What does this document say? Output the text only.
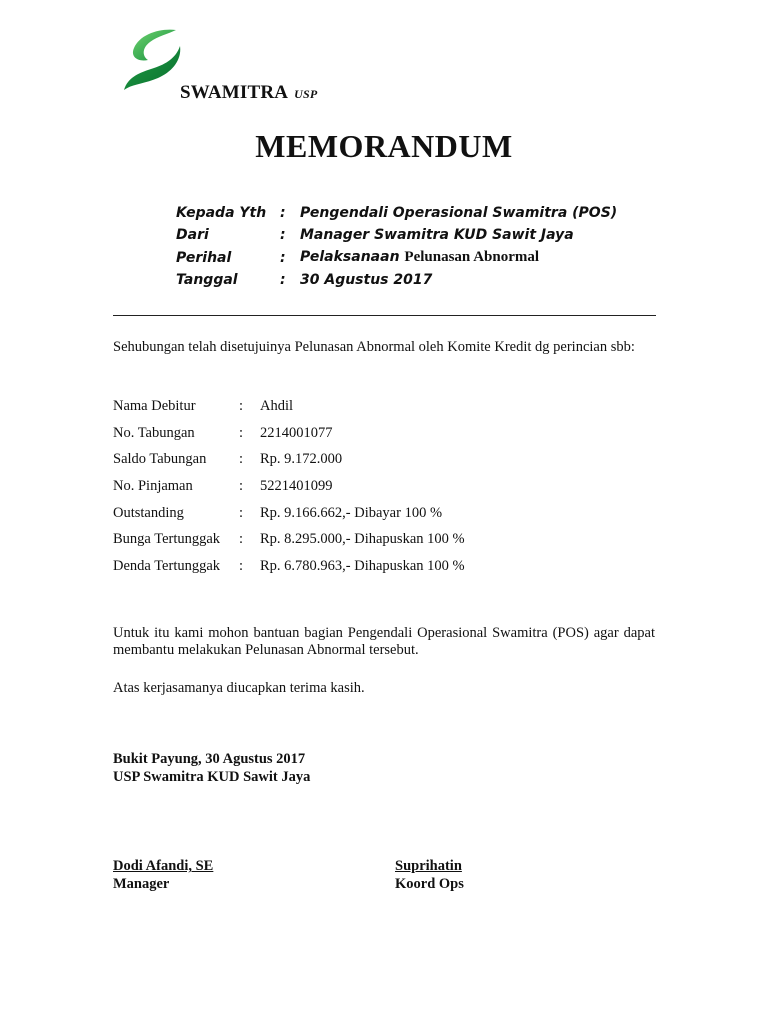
SWAMITRA USP
MEMORANDUM
Kepada Yth :	Pengendali Operasional Swamitra (POS)
Dari	:	Manager Swamitra KUD Sawit Jaya
Perihal	:	Pelaksanaan Pelunasan Abnormal
Tanggal	:	30 Agustus 2017
Sehubungan telah disetujuinya Pelunasan Abnormal oleh Komite Kredit dg perincian sbb:
Nama Debitur	:	Ahdil
No. Tabungan	:	2214001077
Saldo Tabungan	:	Rp. 9.172.000
No. Pinjaman	:	5221401099
Outstanding	:	Rp. 9.166.662,- Dibayar 100 %
Bunga Tertunggak	:	Rp. 8.295.000,- Dihapuskan 100 %
Denda Tertunggak	:	Rp. 6.780.963,- Dihapuskan 100 %
Untuk itu kami mohon bantuan bagian Pengendali Operasional Swamitra (POS) agar dapat membantu melakukan Pelunasan Abnormal tersebut.
Atas kerjasamanya diucapkan terima kasih.
Bukit Payung, 30 Agustus 2017
USP Swamitra KUD Sawit Jaya
Dodi Afandi, SE
Manager
Suprihatin
Koord Ops
